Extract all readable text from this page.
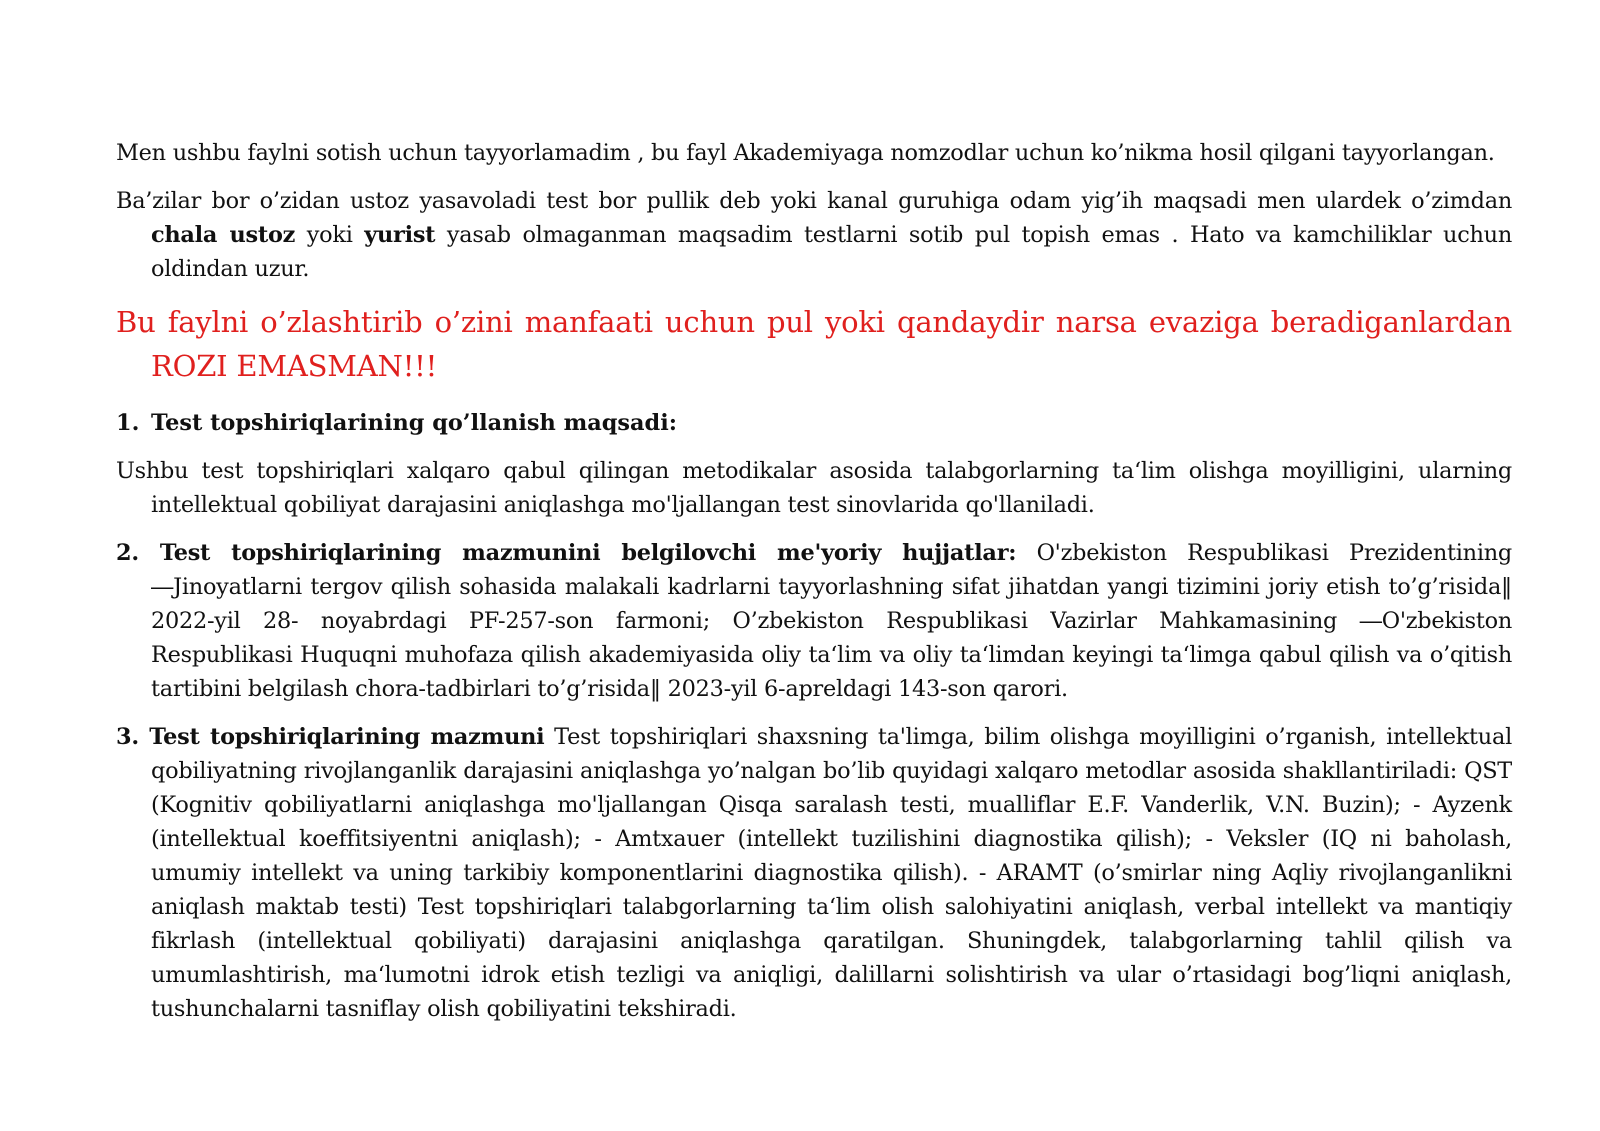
Men ushbu faylni sotish uchun tayyorlamadim , bu fayl Akademiyaga nomzodlar uchun ko’nikma hosil qilgani tayyorlangan.

Ba’zilar bor o’zidan ustoz yasavoladi test bor pullik deb yoki kanal guruhiga odam yig’ih maqsadi men ulardek o’zimdan chala ustoz yoki yurist yasab olmaganman maqsadim testlarni sotib pul topish emas . Hato va kamchiliklar uchun oldindan uzur.

Bu faylni o’zlashtirib o’zini manfaati uchun pul yoki qandaydir narsa evaziga beradiganlardan ROZI EMASMAN!!!

1. Test topshiriqlarining qo’llanish maqsadi:

Ushbu test topshiriqlari xalqaro qabul qilingan metodikalar asosida talabgorlarning ta‘lim olishga moyilligini, ularning intellektual qobiliyat darajasini aniqlashga mo'ljallangan test sinovlarida qo'llaniladi.

2. Test topshiriqlarining mazmunini belgilovchi me'yoriy hujjatlar: O'zbekiston Respublikasi Prezidentining ―Jinoyatlarni tergov qilish sohasida malakali kadrlarni tayyorlashning sifat jihatdan yangi tizimini joriy etish to’g’risida‖ 2022-yil 28- noyabrdagi PF-257-son farmoni; O’zbekiston Respublikasi Vazirlar Mahkamasining ―O'zbekiston Respublikasi Huquqni muhofaza qilish akademiyasida oliy ta‘lim va oliy ta‘limdan keyingi ta‘limga qabul qilish va o’qitish tartibini belgilash chora-tadbirlari to’g’risida‖ 2023-yil 6-apreldagi 143-son qarori.

3. Test topshiriqlarining mazmuni Test topshiriqlari shaxsning ta'limga, bilim olishga moyilligini o’rganish, intellektual qobiliyatning rivojlanganlik darajasini aniqlashga yo’nalgan bo’lib quyidagi xalqaro metodlar asosida shakllantiriladi: QST (Kognitiv qobiliyatlarni aniqlashga mo'ljallangan Qisqa saralash testi, mualliflar E.F. Vanderlik, V.N. Buzin); - Ayzenk (intellektual koeffitsiyentni aniqlash); - Amtxauer (intellekt tuzilishini diagnostika qilish); - Veksler (IQ ni baholash, umumiy intellekt va uning tarkibiy komponentlarini diagnostika qilish). - ARAMT (o’smirlar ning Aqliy rivojlanganlikni aniqlash maktab testi) Test topshiriqlari talabgorlarning ta‘lim olish salohiyatini aniqlash, verbal intellekt va mantiqiy fikrlash (intellektual qobiliyati) darajasini aniqlashga qaratilgan. Shuningdek, talabgorlarning tahlil qilish va umumlashtirish, ma‘lumotni idrok etish tezligi va aniqligi, dalillarni solishtirish va ular o’rtasidagi bog’liqni aniqlash, tushunchalarni tasniflay olish qobiliyatini tekshiradi.
